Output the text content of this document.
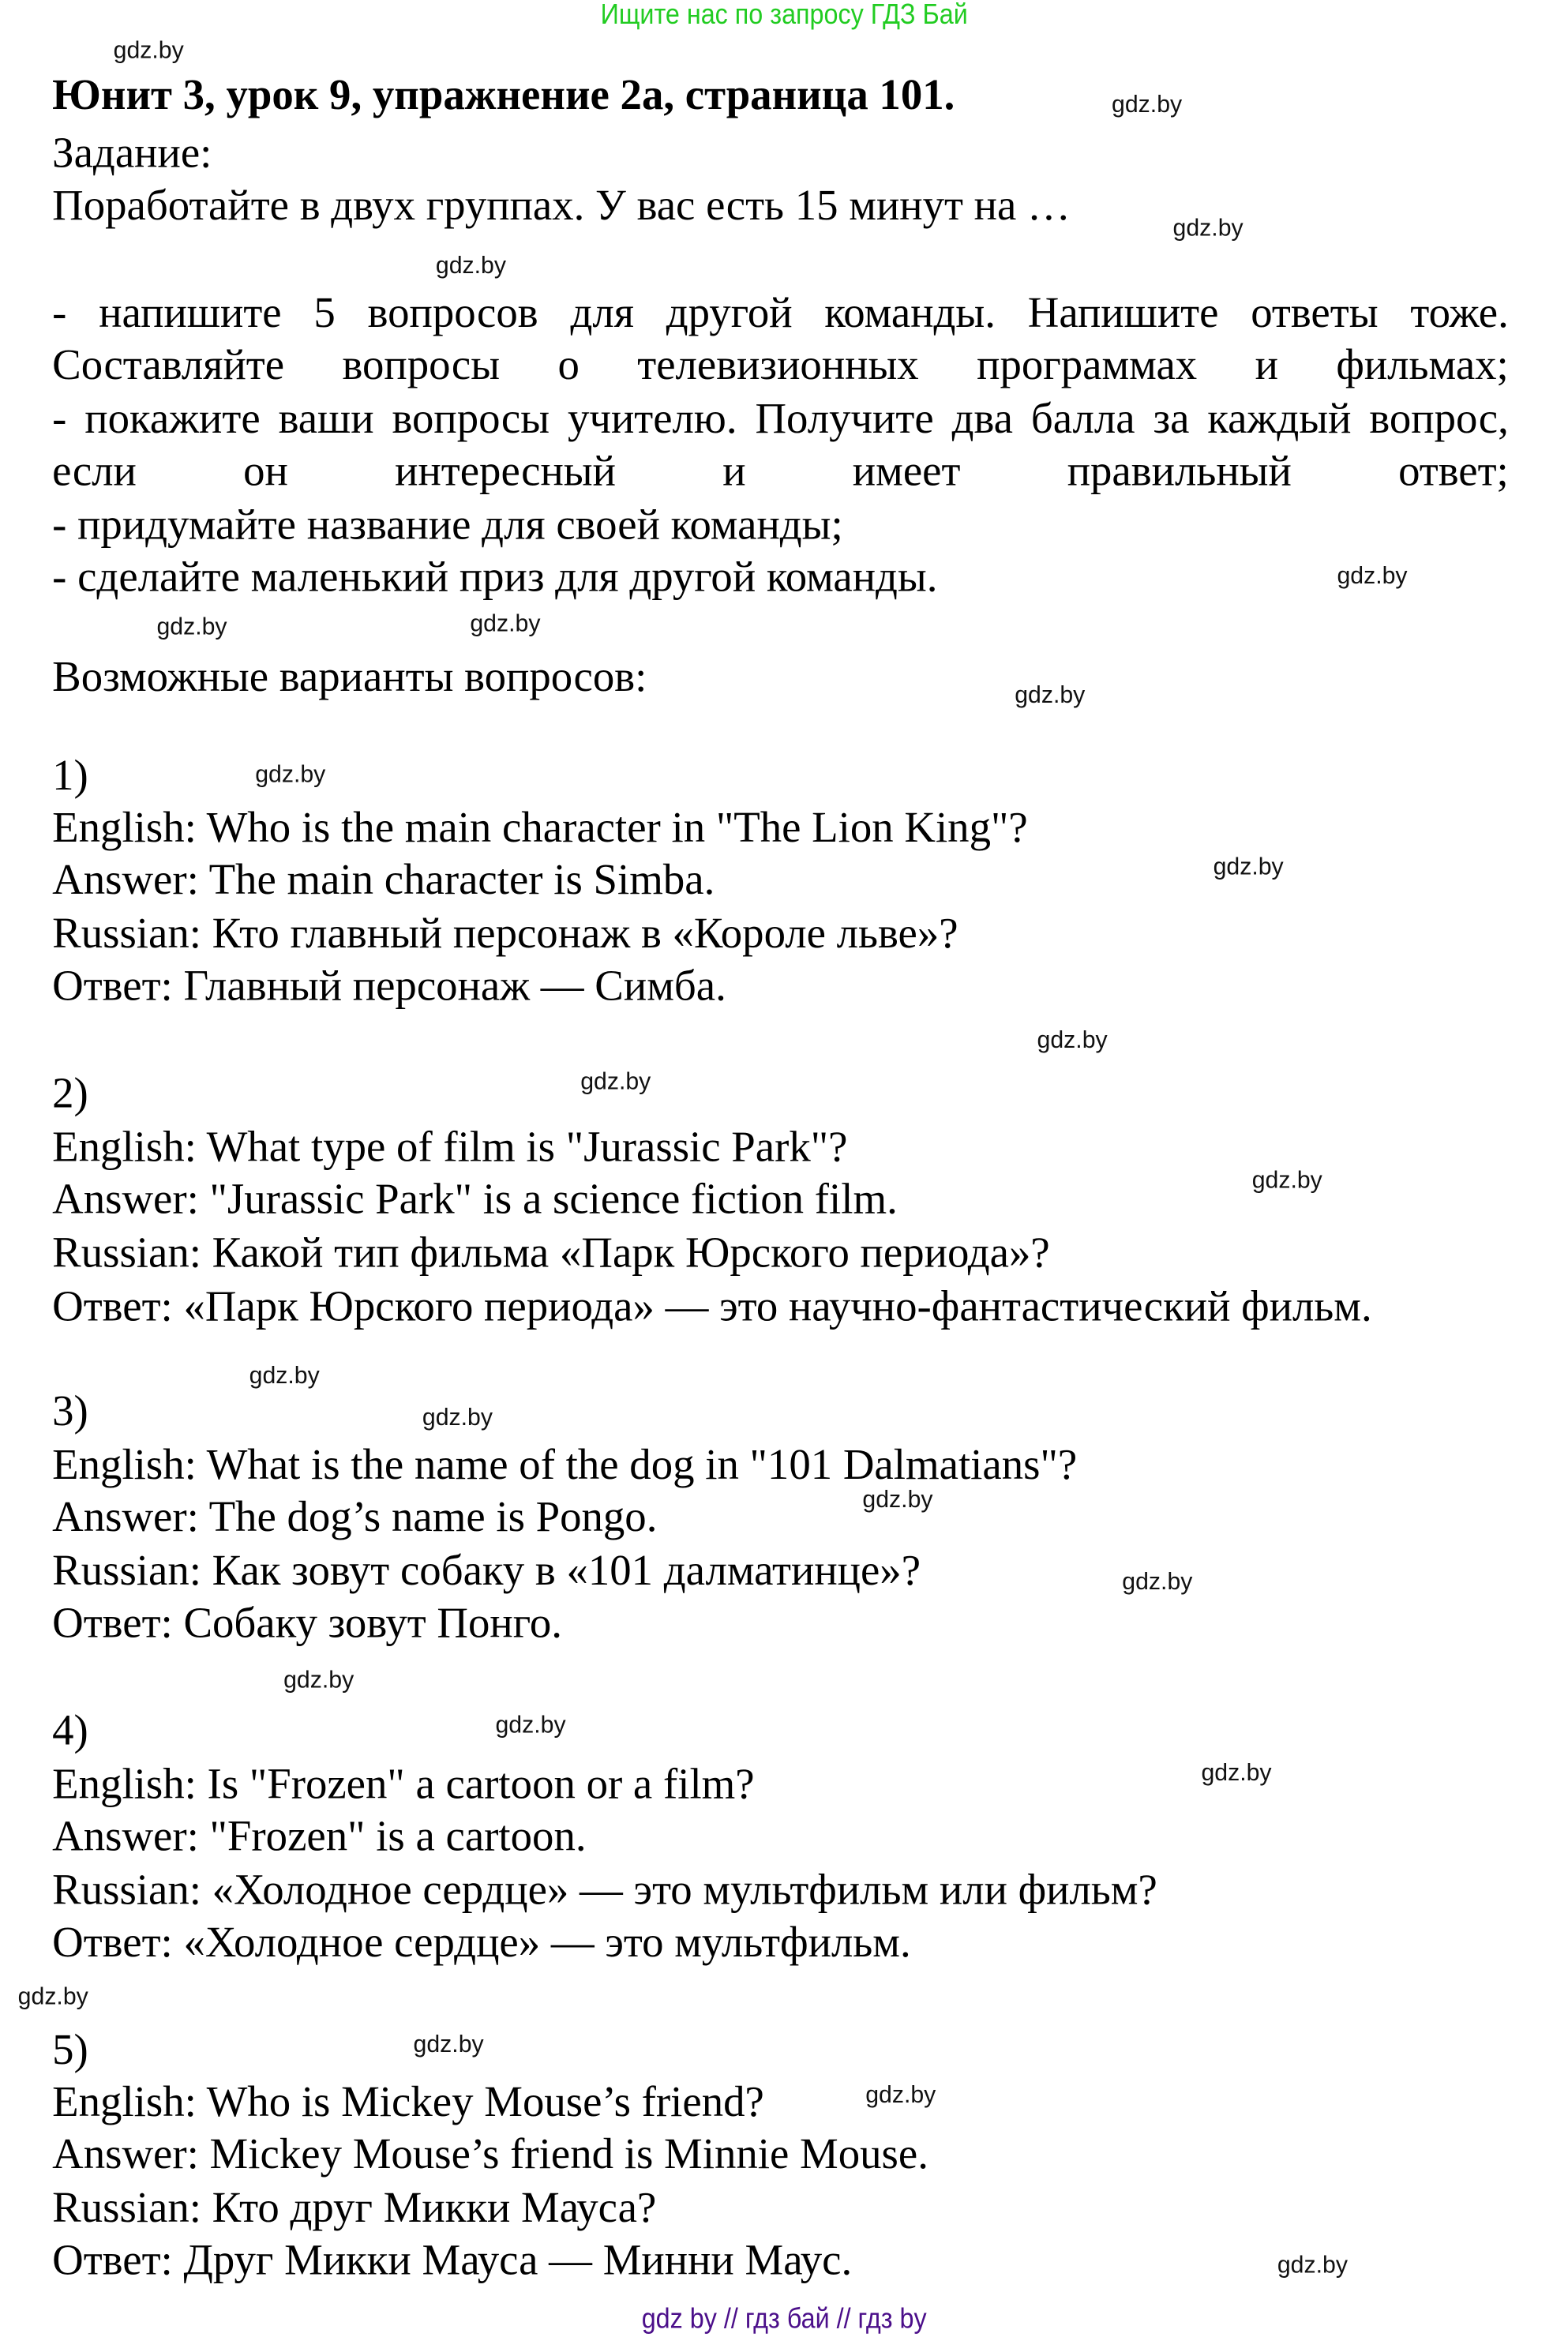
Ищите нас по запросу ГДЗ Бай
Юнит 3, урок 9, упражнение 2а, страница 101.
Задание:
Поработайте в двух группах. У вас есть 15 минут на …
- напишите 5 вопросов для другой команды. Напишите ответы тоже.
Составляйте вопросы о телевизионных программах и фильмах;
- покажите ваши вопросы учителю. Получите два балла за каждый вопрос,
если он интересный и имеет правильный ответ;
- придумайте название для своей команды;
- сделайте маленький приз для другой команды.
Возможные варианты вопросов:
1)
English: Who is the main character in "The Lion King"?
Answer: The main character is Simba.
Russian: Кто главный персонаж в «Короле льве»?
Ответ: Главный персонаж — Симба.
2)
English: What type of film is "Jurassic Park"?
Answer: "Jurassic Park" is a science fiction film.
Russian: Какой тип фильма «Парк Юрского периода»?
Ответ: «Парк Юрского периода» — это научно-фантастический фильм.
3)
English: What is the name of the dog in "101 Dalmatians"?
Answer: The dog’s name is Pongo.
Russian: Как зовут собаку в «101 далматинце»?
Ответ: Собаку зовут Понго.
4)
English: Is "Frozen" a cartoon or a film?
Answer: "Frozen" is a cartoon.
Russian: «Холодное сердце» — это мультфильм или фильм?
Ответ: «Холодное сердце» — это мультфильм.
5)
English: Who is Mickey Mouse’s friend?
Answer: Mickey Mouse’s friend is Minnie Mouse.
Russian: Кто друг Микки Мауса?
Ответ: Друг Микки Мауса — Минни Маус.
gdz.by
gdz.by
gdz.by
gdz.by
gdz.by
gdz.by
gdz.by
gdz.by
gdz.by
gdz.by
gdz.by
gdz.by
gdz.by
gdz.by
gdz.by
gdz.by
gdz.by
gdz.by
gdz.by
gdz.by
gdz.by
gdz.by
gdz.by
gdz.by
gdz by // гдз бай // гдз by
